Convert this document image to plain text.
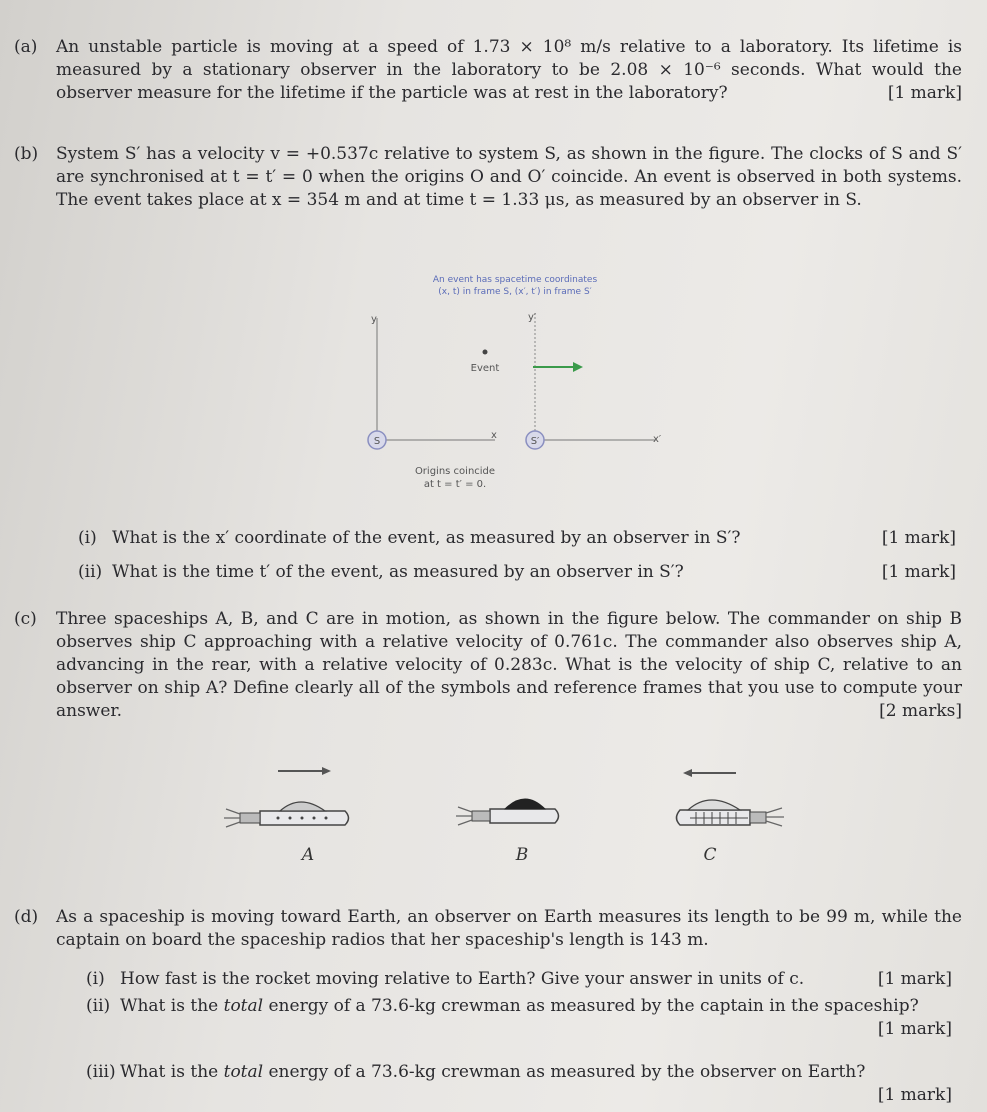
(a) An unstable particle is moving at a speed of 1.73 × 10⁸ m/s relative to a laboratory. Its lifetime is measured by a stationary observer in the laboratory to be 2.08 × 10⁻⁶ seconds. What would the observer measure for the lifetime if the particle was at rest in the laboratory?	[1 mark]
(b) System S′ has a velocity v = +0.537c relative to system S, as shown in the figure. The clocks of S and S′ are synchronised at t = t′ = 0 when the origins O and O′ coincide. An event is observed in both systems. The event takes place at x = 354 m and at time t = 1.33 μs, as measured by an observer in S.
An event has spacetime coordinates
(x, t) in frame S, (x′, t′) in frame S′
y
x
S
y′
x′
S′
Event
Origins coincide
at t = t′ = 0.
(i) What is the x′ coordinate of the event, as measured by an observer in S′?	[1 mark]
(ii) What is the time t′ of the event, as measured by an observer in S′?	[1 mark]
(c) Three spaceships A, B, and C are in motion, as shown in the figure below. The commander on ship B observes ship C approaching with a relative velocity of 0.761c. The commander also observes ship A, advancing in the rear, with a relative velocity of 0.283c. What is the velocity of ship C, relative to an observer on ship A? Define clearly all of the symbols and reference frames that you use to compute your answer.	[2 marks]
A	B	C
(d) As a spaceship is moving toward Earth, an observer on Earth measures its length to be 99 m, while the captain on board the spaceship radios that her spaceship's length is 143 m.
(i) How fast is the rocket moving relative to Earth? Give your answer in units of c.	[1 mark]
(ii) What is the total energy of a 73.6-kg crewman as measured by the captain in the spaceship?
[1 mark]
(iii) What is the total energy of a 73.6-kg crewman as measured by the observer on Earth?
[1 mark]
